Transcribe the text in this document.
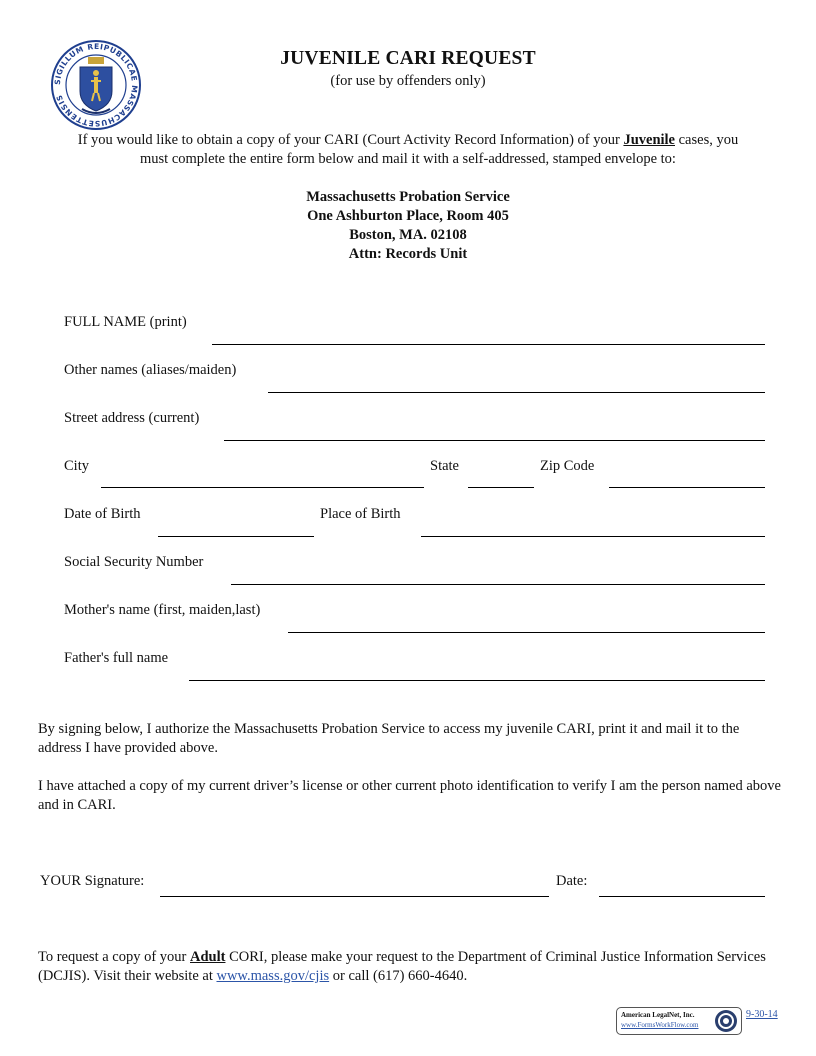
SIGILLUM REIPUBLICAE MASSACHUSETTENSIS
JUVENILE CARI REQUEST
(for use by offenders only)
If you would like to obtain a copy of your CARI (Court Activity Record Information) of your Juvenile cases, you must complete the entire form below and mail it with a self-addressed, stamped envelope to:
Massachusetts Probation Service
One Ashburton Place, Room 405
Boston, MA. 02108
Attn: Records Unit
FULL NAME (print)
Other names (aliases/maiden)
Street address (current)
City	State	Zip Code
Date of Birth	Place of Birth
Social Security Number
Mother's name (first, maiden,last)
Father's full name
By signing below, I authorize the Massachusetts Probation Service to access my juvenile CARI, print it and mail it to the address I have provided above.
I have attached a copy of my current driver’s license or other current photo identification to verify I am the person named above and in CARI.
YOUR Signature:	Date:
To request a copy of your Adult CORI, please make your request to the Department of Criminal Justice Information Services (DCJIS). Visit their website at www.mass.gov/cjis or call (617) 660-4640.
American LegalNet, Inc.
www.FormsWorkFlow.com
9-30-14
